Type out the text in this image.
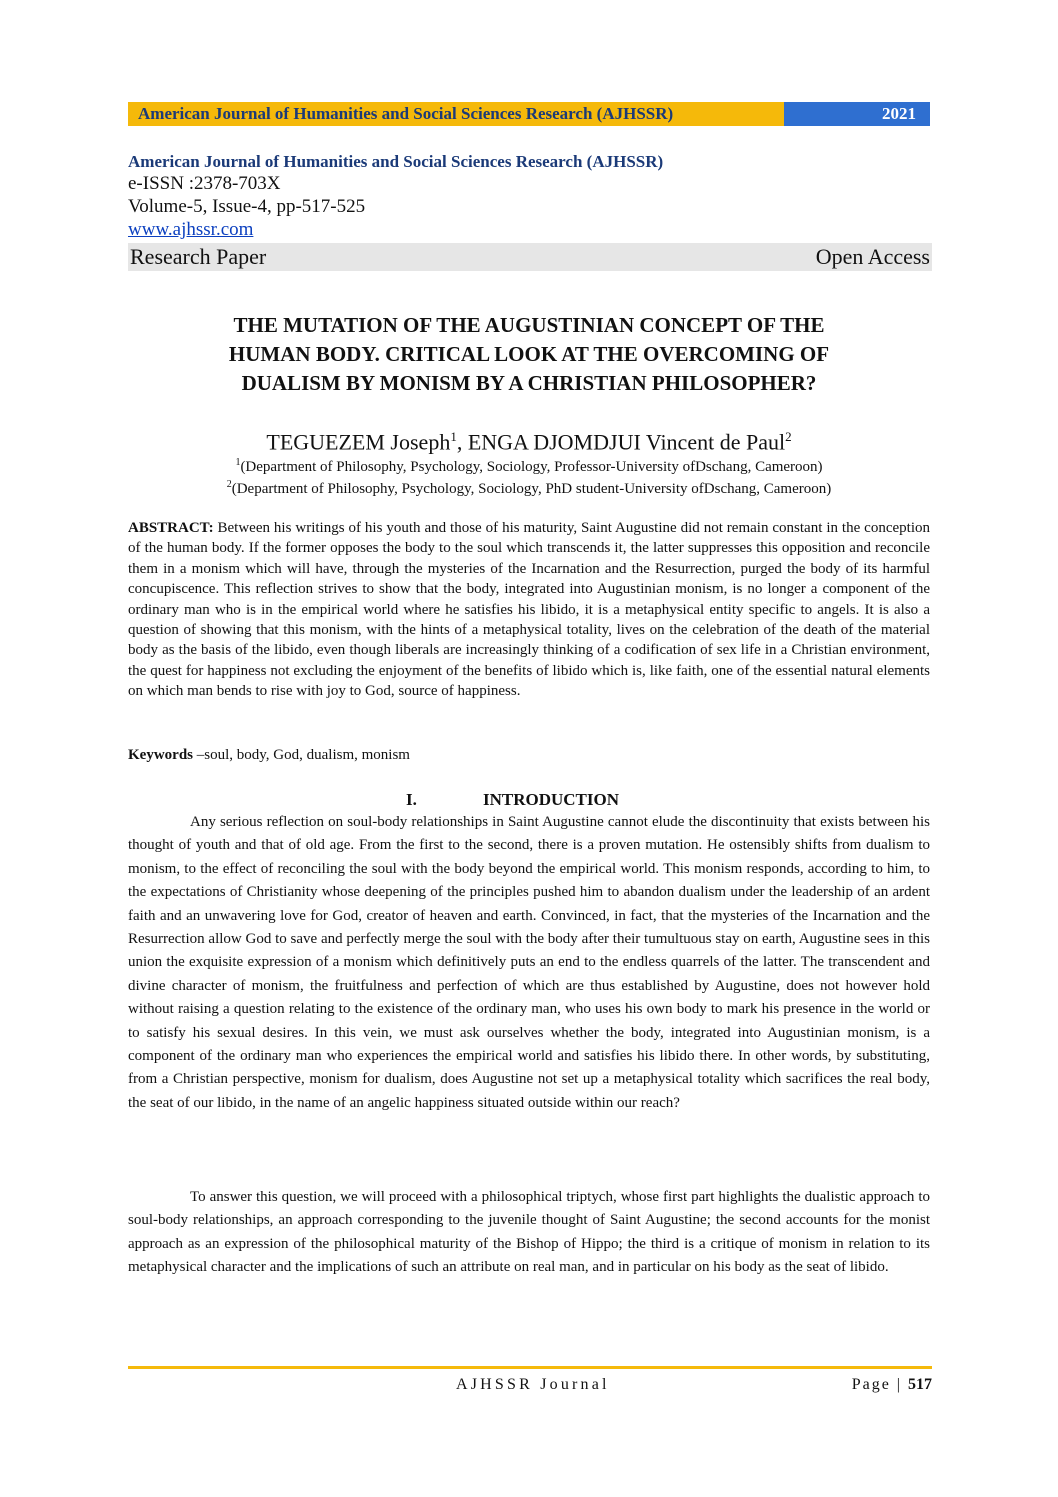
American Journal of Humanities and Social Sciences Research (AJHSSR)	2021
American Journal of Humanities and Social Sciences Research (AJHSSR)
e-ISSN :2378-703X
Volume-5, Issue-4, pp-517-525
www.ajhssr.com
Research Paper	Open Access
THE MUTATION OF THE AUGUSTINIAN CONCEPT OF THE
HUMAN BODY. CRITICAL LOOK AT THE OVERCOMING OF
DUALISM BY MONISM BY A CHRISTIAN PHILOSOPHER?
TEGUEZEM Joseph$^1$, ENGA DJOMDJUI Vincent de Paul$^2$
$^1$(Department of Philosophy, Psychology, Sociology, Professor-University ofDschang, Cameroon)
$^2$(Department of Philosophy, Psychology, Sociology, PhD student-University ofDschang, Cameroon)
ABSTRACT: Between his writings of his youth and those of his maturity, Saint Augustine did not remain constant in the conception of the human body. If the former opposes the body to the soul which transcends it, the latter suppresses this opposition and reconcile them in a monism which will have, through the mysteries of the Incarnation and the Resurrection, purged the body of its harmful concupiscence. This reflection strives to show that the body, integrated into Augustinian monism, is no longer a component of the ordinary man who is in the empirical world where he satisfies his libido, it is a metaphysical entity specific to angels. It is also a question of showing that this monism, with the hints of a metaphysical totality, lives on the celebration of the death of the material body as the basis of the libido, even though liberals are increasingly thinking of a codification of sex life in a Christian environment, the quest for happiness not excluding the enjoyment of the benefits of libido which is, like faith, one of the essential natural elements on which man bends to rise with joy to God, source of happiness.
Keywords –soul, body, God, dualism, monism
I.	INTRODUCTION

Any serious reflection on soul-body relationships in Saint Augustine cannot elude the discontinuity that exists between his thought of youth and that of old age. From the first to the second, there is a proven mutation. He ostensibly shifts from dualism to monism, to the effect of reconciling the soul with the body beyond the empirical world. This monism responds, according to him, to the expectations of Christianity whose deepening of the principles pushed him to abandon dualism under the leadership of an ardent faith and an unwavering love for God, creator of heaven and earth. Convinced, in fact, that the mysteries of the Incarnation and the Resurrection allow God to save and perfectly merge the soul with the body after their tumultuous stay on earth, Augustine sees in this union the exquisite expression of a monism which definitively puts an end to the endless quarrels of the latter. The transcendent and divine character of monism, the fruitfulness and perfection of which are thus established by Augustine, does not however hold without raising a question relating to the existence of the ordinary man, who uses his own body to mark his presence in the world or to satisfy his sexual desires. In this vein, we must ask ourselves whether the body, integrated into Augustinian monism, is a component of the ordinary man who experiences the empirical world and satisfies his libido there. In other words, by substituting, from a Christian perspective, monism for dualism, does Augustine not set up a metaphysical totality which sacrifices the real body, the seat of our libido, in the name of an angelic happiness situated outside within our reach?

To answer this question, we will proceed with a philosophical triptych, whose first part highlights the dualistic approach to soul-body relationships, an approach corresponding to the juvenile thought of Saint Augustine; the second accounts for the monist approach as an expression of the philosophical maturity of the Bishop of Hippo; the third is a critique of monism in relation to its metaphysical character and the implications of such an attribute on real man, and in particular on his body as the seat of libido.

AJHSSR Journal	Page | 517
